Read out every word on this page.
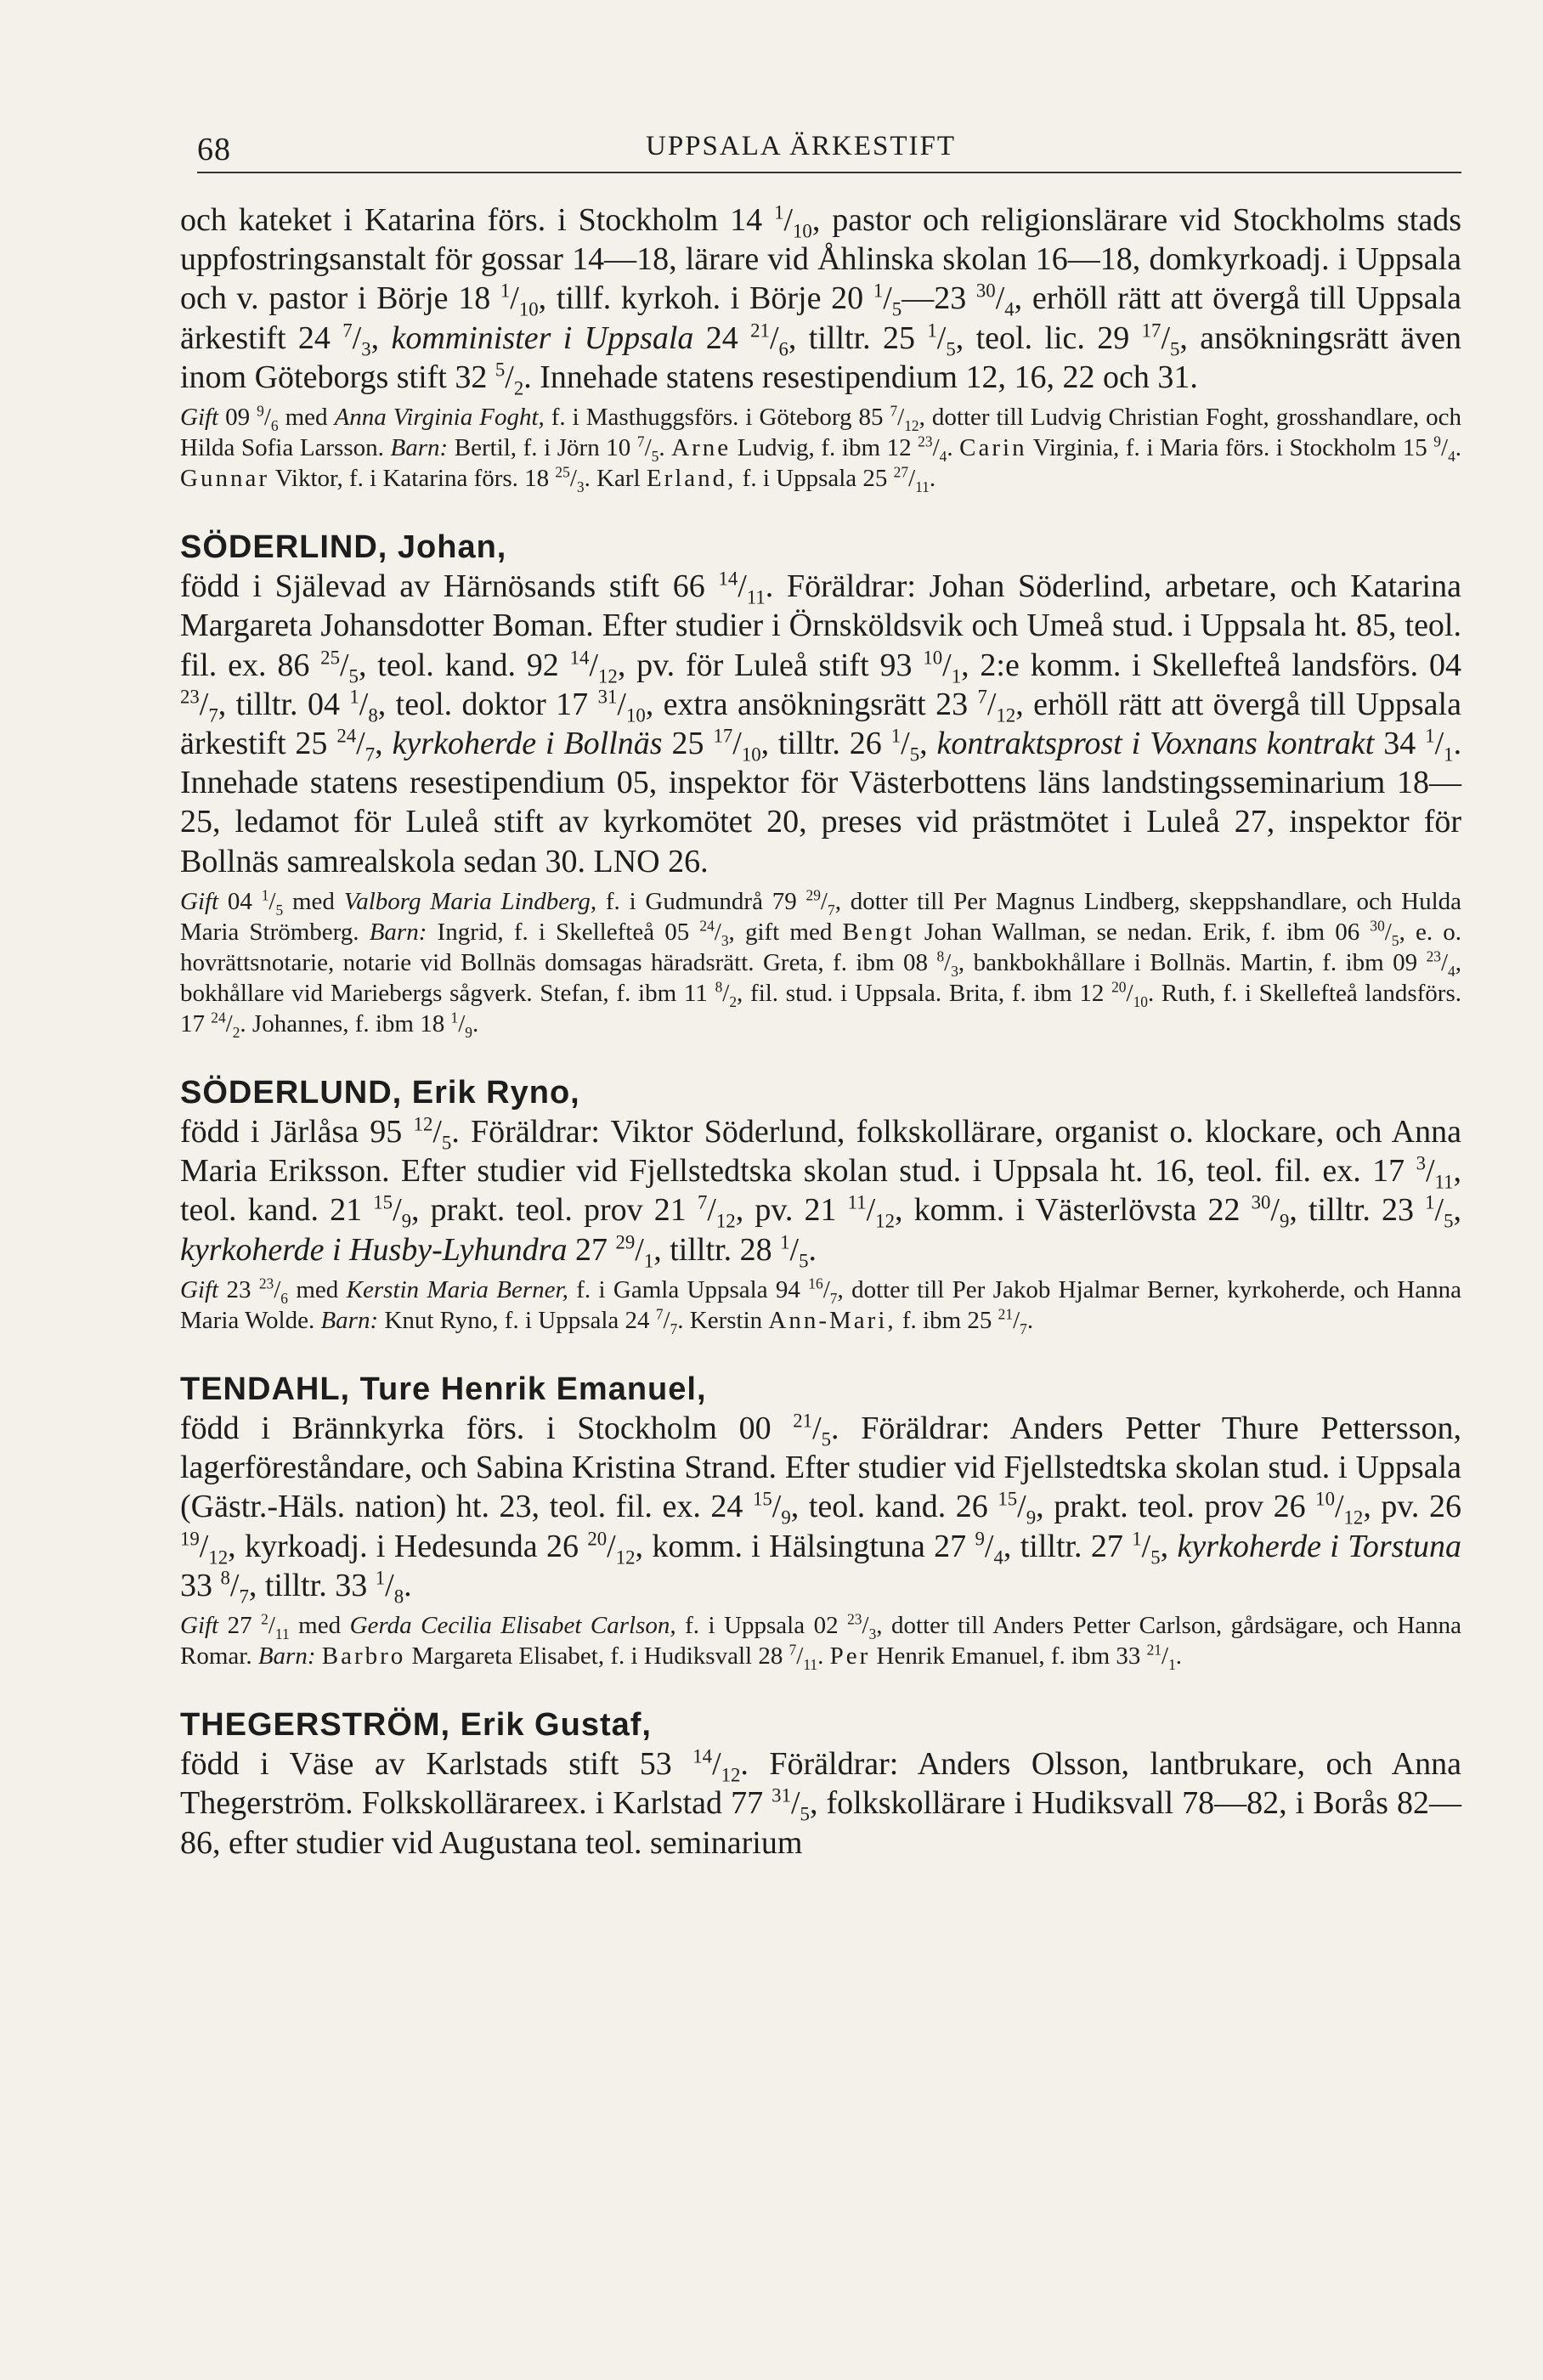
68	UPPSALA ÄRKESTIFT

och kateket i Katarina förs. i Stockholm 14 $^1/_{10}$, pastor och religionslärare vid Stockholms stads uppfostringsanstalt för gossar 14—18, lärare vid Åhlinska skolan 16—18, domkyrkoadj. i Uppsala och v. pastor i Börje 18 $^1/_{10}$, tillf. kyrkoh. i Börje 20 $^1/_5—23$ $^{30}/_4$, erhöll rätt att övergå till Uppsala ärkestift 24 $^7/_3$, komminister i Uppsala 24 $^{21}/_6$, tilltr. 25 $^1/_5$, teol. lic. 29 $^{17}/_5$, ansökningsrätt även inom Göteborgs stift 32 $^5/_2$. Innehade statens resestipendium 12, 16, 22 och 31.

Gift 09 $^9/_6$ med Anna Virginia Foght, f. i Masthuggsförs. i Göteborg 85 $^7/_{12}$, dotter till Ludvig Christian Foght, grosshandlare, och Hilda Sofia Larsson. Barn: Bertil, f. i Jörn 10 $^7/_5$. Arne Ludvig, f. ibm 12 $^{23}/_4$. Carin Virginia, f. i Maria förs. i Stockholm 15 $^9/_4$. Gunnar Viktor, f. i Katarina förs. 18 $^{25}/_3$. Karl Erland, f. i Uppsala 25 $^{27}/_{11}$.

SÖDERLIND, Johan,
född i Själevad av Härnösands stift 66 $^{14}/_{11}$. Föräldrar: Johan Söderlind, arbetare, och Katarina Margareta Johansdotter Boman. Efter studier i Örnsköldsvik och Umeå stud. i Uppsala ht. 85, teol. fil. ex. 86 $^{25}/_5$, teol. kand. 92 $^{14}/_{12}$, pv. för Luleå stift 93 $^{10}/_1$, 2:e komm. i Skellefteå landsförs. 04 $^{23}/_7$, tilltr. 04 $^1/_8$, teol. doktor 17 $^{31}/_{10}$, extra ansökningsrätt 23 $^7/_{12}$, erhöll rätt att övergå till Uppsala ärkestift 25 $^{24}/_7$, kyrkoherde i Bollnäs 25 $^{17}/_{10}$, tilltr. 26 $^1/_5$, kontraktsprost i Voxnans kontrakt 34 $^1/_1$. Innehade statens resestipendium 05, inspektor för Västerbottens läns landstingsseminarium 18—25, ledamot för Luleå stift av kyrkomötet 20, preses vid prästmötet i Luleå 27, inspektor för Bollnäs samrealskola sedan 30. LNO 26.

Gift 04 $^1/_5$ med Valborg Maria Lindberg, f. i Gudmundrå 79 $^{29}/_7$, dotter till Per Magnus Lindberg, skeppshandlare, och Hulda Maria Strömberg. Barn: Ingrid, f. i Skellefteå 05 $^{24}/_3$, gift med Bengt Johan Wallman, se nedan. Erik, f. ibm 06 $^{30}/_5$, e. o. hovrättsnotarie, notarie vid Bollnäs domsagas häradsrätt. Greta, f. ibm 08 $^8/_3$, bankbokhållare i Bollnäs. Martin, f. ibm 09 $^{23}/_4$, bokhållare vid Mariebergs sågverk. Stefan, f. ibm 11 $^8/_2$, fil. stud. i Uppsala. Brita, f. ibm 12 $^{20}/_{10}$. Ruth, f. i Skellefteå landsförs. 17 $^{24}/_2$. Johannes, f. ibm 18 $^1/_9$.

SÖDERLUND, Erik Ryno,
född i Järlåsa 95 $^{12}/_5$. Föräldrar: Viktor Söderlund, folkskollärare, organist o. klockare, och Anna Maria Eriksson. Efter studier vid Fjellstedtska skolan stud. i Uppsala ht. 16, teol. fil. ex. 17 $^3/_{11}$, teol. kand. 21 $^{15}/_9$, prakt. teol. prov 21 $^7/_{12}$, pv. 21 $^{11}/_{12}$, komm. i Västerlövsta 22 $^{30}/_9$, tilltr. 23 $^1/_5$, kyrkoherde i Husby-Lyhundra 27 $^{29}/_1$, tilltr. 28 $^1/_5$.

Gift 23 $^{23}/_6$ med Kerstin Maria Berner, f. i Gamla Uppsala 94 $^{16}/_7$, dotter till Per Jakob Hjalmar Berner, kyrkoherde, och Hanna Maria Wolde. Barn: Knut Ryno, f. i Uppsala 24 $^7/_7$. Kerstin Ann-Mari, f. ibm 25 $^{21}/_7$.

TENDAHL, Ture Henrik Emanuel,
född i Brännkyrka förs. i Stockholm 00 $^{21}/_5$. Föräldrar: Anders Petter Thure Pettersson, lagerföreståndare, och Sabina Kristina Strand. Efter studier vid Fjellstedtska skolan stud. i Uppsala (Gästr.-Häls. nation) ht. 23, teol. fil. ex. 24 $^{15}/_9$, teol. kand. 26 $^{15}/_9$, prakt. teol. prov 26 $^{10}/_{12}$, pv. 26 $^{19}/_{12}$, kyrkoadj. i Hedesunda 26 $^{20}/_{12}$, komm. i Hälsingtuna 27 $^9/_4$, tilltr. 27 $^1/_5$, kyrkoherde i Torstuna 33 $^8/_7$, tilltr. 33 $^1/_8$.

Gift 27 $^2/_{11}$ med Gerda Cecilia Elisabet Carlson, f. i Uppsala 02 $^{23}/_3$, dotter till Anders Petter Carlson, gårdsägare, och Hanna Romar. Barn: Barbro Margareta Elisabet, f. i Hudiksvall 28 $^7/_{11}$. Per Henrik Emanuel, f. ibm 33 $^{21}/_1$.

THEGERSTRÖM, Erik Gustaf,
född i Väse av Karlstads stift 53 $^{14}/_{12}$. Föräldrar: Anders Olsson, lantbrukare, och Anna Thegerström. Folkskollärareex. i Karlstad 77 $^{31}/_5$, folkskollärare i Hudiksvall 78—82, i Borås 82—86, efter studier vid Augustana teol. seminarium
